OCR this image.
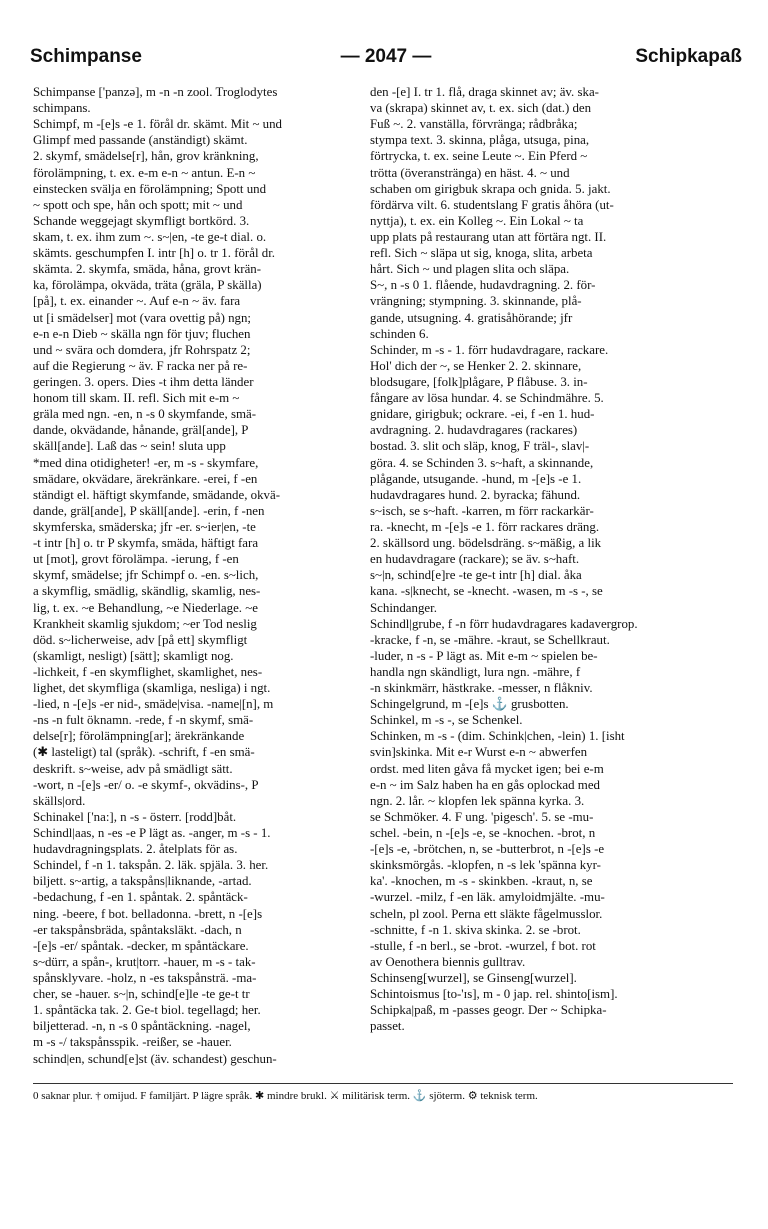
Schimpanse	— 2047 —	Schipkapaß
Schimpanse ['panzə], m -n -n zool. Troglodytes
schimpans.
Schimpf, m -[e]s -e 1. förål dr. skämt. Mit ~ und
Glimpf med passande (anständigt) skämt.
2. skymf, smädelse[r], hån, grov kränkning,
förolämpning, t. ex. e-m e-n ~ antun. E-n ~
einstecken svälja en förolämpning; Spott und
~ spott och spe, hån och spott; mit ~ und
Schande weggejagt skymfligt bortkörd. 3.
skam, t. ex. ihm zum ~. s~|en, -te ge-t dial. o.
skämts. geschumpfen I. intr [h] o. tr 1. förål dr.
skämta. 2. skymfa, smäda, håna, grovt krän-
ka, förolämpa, okväda, träta (gräla, P skälla)
[på], t. ex. einander ~. Auf e-n ~ äv. fara
ut [i smädelser] mot (vara ovettig på) ngn;
e-n e-n Dieb ~ skälla ngn för tjuv; fluchen
und ~ svära och domdera, jfr Rohrspatz 2;
auf die Regierung ~ äv. F racka ner på re-
geringen. 3. opers. Dies -t ihm detta länder
honom till skam. II. refl. Sich mit e-m ~
gräla med ngn. -en, n -s 0 skymfande, smä-
dande, okvädande, hånande, gräl[ande], P
skäll[ande]. Laß das ~ sein! sluta upp
*med dina otidigheter! -er, m -s - skymfare,
smädare, okvädare, ärekränkare. -erei, f -en
ständigt el. häftigt skymfande, smädande, okvä-
dande, gräl[ande], P skäll[ande]. -erin, f -nen
skymferska, smäderska; jfr -er. s~ier|en, -te
-t intr [h] o. tr P skymfa, smäda, häftigt fara
ut [mot], grovt förolämpa. -ierung, f -en
skymf, smädelse; jfr Schimpf o. -en. s~lich,
a skymflig, smädlig, skändlig, skamlig, nes-
lig, t. ex. ~e Behandlung, ~e Niederlage. ~e
Krankheit skamlig sjukdom; ~er Tod neslig
död. s~licherweise, adv [på ett] skymfligt
(skamligt, nesligt) [sätt]; skamligt nog.
-lichkeit, f -en skymflighet, skamlighet, nes-
lighet, det skymfliga (skamliga, nesliga) i ngt.
-lied, n -[e]s -er nid-, smäde|visa. -name|[n], m
-ns -n fult öknamn. -rede, f -n skymf, smä-
delse[r]; förolämpning[ar]; ärekränkande
(✱ lasteligt) tal (språk). -schrift, f -en smä-
deskrift. s~weise, adv på smädligt sätt.
-wort, n -[e]s -er/ o. -e skymf-, okvädins-, P
skälls|ord.
Schinakel ['na:], n -s - österr. [rodd]båt.
Schindl|aas, n -es -e P lägt as. -anger, m -s - 1.
hudavdragningsplats. 2. åtelplats för as.
Schindel, f -n 1. takspån. 2. läk. spjäla. 3. her.
biljett. s~artig, a takspåns|liknande, -artad.
-bedachung, f -en 1. spåntak. 2. spåntäck-
ning. -beere, f bot. belladonna. -brett, n -[e]s
-er takspånsbräda, spåntaksläkt. -dach, n
-[e]s -er/ spåntak. -decker, m spåntäckare.
s~dürr, a spån-, krut|torr. -hauer, m -s - tak-
spånsklyvare. -holz, n -es takspånsträ. -ma-
cher, se -hauer. s~|n, schind[e]le -te ge-t tr
1. spåntäcka tak. 2. Ge-t biol. tegellagd; her.
biljetterad. -n, n -s 0 spåntäckning. -nagel,
m -s -/ takspånsspik. -reißer, se -hauer.
schind|en, schund[e]st (äv. schandest) geschun-
den -[e] I. tr 1. flå, draga skinnet av; äv. ska-
va (skrapa) skinnet av, t. ex. sich (dat.) den
Fuß ~. 2. vanställa, förvränga; rådbråka;
stympa text. 3. skinna, plåga, utsuga, pina,
förtrycka, t. ex. seine Leute ~. Ein Pferd ~
trötta (överanstränga) en häst. 4. ~ und
schaben om girigbuk skrapa och gnida. 5. jakt.
fördärva vilt. 6. studentslang F gratis åhöra (ut-
nyttja), t. ex. ein Kolleg ~. Ein Lokal ~ ta
upp plats på restaurang utan att förtära ngt. II.
refl. Sich ~ släpa ut sig, knoga, slita, arbeta
hårt. Sich ~ und plagen slita och släpa.
S~, n -s 0 1. flående, hudavdragning. 2. för-
vrängning; stympning. 3. skinnande, plå-
gande, utsugning. 4. gratisåhörande; jfr
schinden 6.
Schinder, m -s - 1. förr hudavdragare, rackare.
Hol' dich der ~, se Henker 2. 2. skinnare,
blodsugare, [folk]plågare, P flåbuse. 3. in-
fångare av lösa hundar. 4. se Schindmähre. 5.
gnidare, girigbuk; ockrare. -ei, f -en 1. hud-
avdragning. 2. hudavdragares (rackares)
bostad. 3. slit och släp, knog, F träl-, slav|-
göra. 4. se Schinden 3. s~haft, a skinnande,
plågande, utsugande. -hund, m -[e]s -e 1.
hudavdragares hund. 2. byracka; fähund.
s~isch, se s~haft. -karren, m förr rackarkär-
ra. -knecht, m -[e]s -e 1. förr rackares dräng.
2. skällsord ung. bödelsdräng. s~mäßig, a lik
en hudavdragare (rackare); se äv. s~haft.
s~|n, schind[e]re -te ge-t intr [h] dial. åka
kana. -s|knecht, se -knecht. -wasen, m -s -, se
Schindanger.
Schindl|grube, f -n förr hudavdragares kadavergrop.
-kracke, f -n, se -mähre. -kraut, se Schellkraut.
-luder, n -s - P lägt as. Mit e-m ~ spielen be-
handla ngn skändligt, lura ngn. -mähre, f
-n skinkmärr, hästkrake. -messer, n flåkniv.
Schingelgrund, m -[e]s ⚓ grusbotten.
Schinkel, m -s -, se Schenkel.
Schinken, m -s - (dim. Schink|chen, -lein) 1. [isht
svin]skinka. Mit e-r Wurst e-n ~ abwerfen
ordst. med liten gåva få mycket igen; bei e-m
e-n ~ im Salz haben ha en gås oplockad med
ngn. 2. lår. ~ klopfen lek spänna kyrka. 3.
se Schmöker. 4. F ung. 'pigesch'. 5. se -mu-
schel. -bein, n -[e]s -e, se -knochen. -brot, n
-[e]s -e, -brötchen, n, se -butterbrot, n -[e]s -e
skinksmörgås. -klopfen, n -s lek 'spänna kyr-
ka'. -knochen, m -s - skinkben. -kraut, n, se
-wurzel. -milz, f -en läk. amyloidmjälte. -mu-
scheln, pl zool. Perna ett släkte fågelmusslor.
-schnitte, f -n 1. skiva skinka. 2. se -brot.
-stulle, f -n berl., se -brot. -wurzel, f bot. rot
av Oenothera biennis gulltrav.
Schinseng[wurzel], se Ginseng[wurzel].
Schintoismus [to-'ɪs], m - 0 jap. rel. shinto[ism].
Schipka|paß, m -passes geogr. Der ~ Schipka-
passet.
0 saknar plur. † omijud. F familjärt. P lägre språk. ✱ mindre brukl. ⚔ militärisk term. ⚓ sjöterm. ⚙ teknisk term.
